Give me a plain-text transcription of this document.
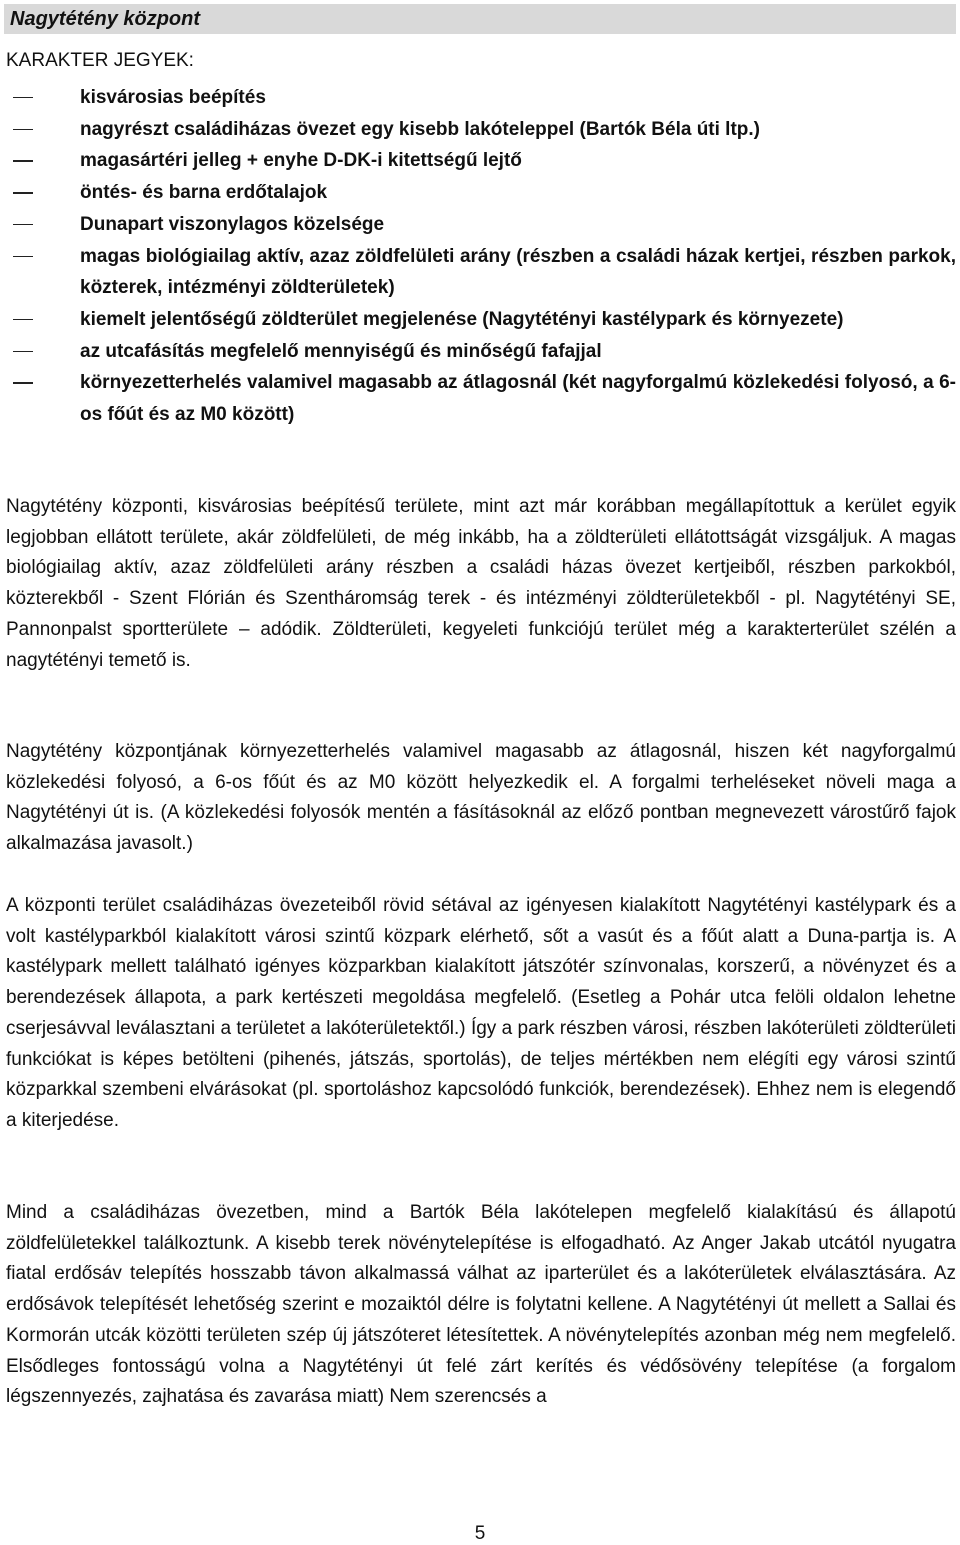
Nagytétény központ
KARAKTER JEGYEK:
kisvárosias beépítés
nagyrészt családiházas övezet egy kisebb lakóteleppel (Bartók Béla úti ltp.)
magasártéri jelleg + enyhe D-DK-i kitettségű lejtő
öntés- és barna erdőtalajok
Dunapart viszonylagos közelsége
magas biológiailag aktív, azaz zöldfelületi arány (részben a családi házak kertjei, részben parkok, közterek, intézményi zöldterületek)
kiemelt jelentőségű zöldterület megjelenése (Nagytétényi kastélypark és környezete)
az utcafásítás megfelelő mennyiségű és minőségű fafajjal
környezetterhelés valamivel magasabb az átlagosnál (két nagyforgalmú közlekedési folyosó, a 6-os főút és az M0 között)

Nagytétény központi, kisvárosias beépítésű területe, mint azt már korábban megállapítottuk a kerület egyik legjobban ellátott területe, akár zöldfelületi, de még inkább, ha a zöldterületi ellátottságát vizsgáljuk. A magas biológiailag aktív, azaz zöldfelületi arány részben a családi házas övezet kertjeiből, részben parkokból, közterekből - Szent Flórián és Szentháromság terek - és intézményi zöldterületekből - pl. Nagytétényi SE, Pannonpalst sportterülete – adódik. Zöldterületi, kegyeleti funkciójú terület még a karakterterület szélén a nagytétényi temető is.

Nagytétény központjának környezetterhelés valamivel magasabb az átlagosnál, hiszen két nagyforgalmú közlekedési folyosó, a 6-os főút és az M0 között helyezkedik el. A forgalmi terheléseket növeli maga a Nagytétényi út is. (A közlekedési folyosók mentén a fásításoknál az előző pontban megnevezett várostűrő fajok alkalmazása javasolt.)

A központi terület családiházas övezeteiből rövid sétával az igényesen kialakított Nagytétényi kastélypark és a volt kastélyparkból kialakított városi szintű közpark elérhető, sőt a vasút és a főút alatt a Duna-partja is. A kastélypark mellett található igényes közparkban kialakított játszótér színvonalas, korszerű, a növényzet és a berendezések állapota, a park kertészeti megoldása megfelelő. (Esetleg a Pohár utca felöli oldalon lehetne cserjesávval leválasztani a területet a lakóterületektől.) Így a park részben városi, részben lakóterületi zöldterületi funkciókat is képes betölteni (pihenés, játszás, sportolás), de teljes mértékben nem elégíti egy városi szintű közparkkal szembeni elvárásokat (pl. sportoláshoz kapcsolódó funkciók, berendezések). Ehhez nem is elegendő a kiterjedése.

Mind a családiházas övezetben, mind a Bartók Béla lakótelepen megfelelő kialakítású és állapotú zöldfelületekkel találkoztunk. A kisebb terek növénytelepítése is elfogadható. Az Anger Jakab utcától nyugatra fiatal erdősáv telepítés hosszabb távon alkalmassá válhat az iparterület és a lakóterületek elválasztására. Az erdősávok telepítését lehetőség szerint e mozaiktól délre is folytatni kellene. A Nagytétényi út mellett a Sallai és Kormorán utcák közötti területen szép új játszóteret létesítettek. A növénytelepítés azonban még nem megfelelő. Elsődleges fontosságú volna a Nagytétényi út felé zárt kerítés és védősövény telepítése (a forgalom légszennyezés, zajhatása és zavarása miatt) Nem szerencsés a

5
